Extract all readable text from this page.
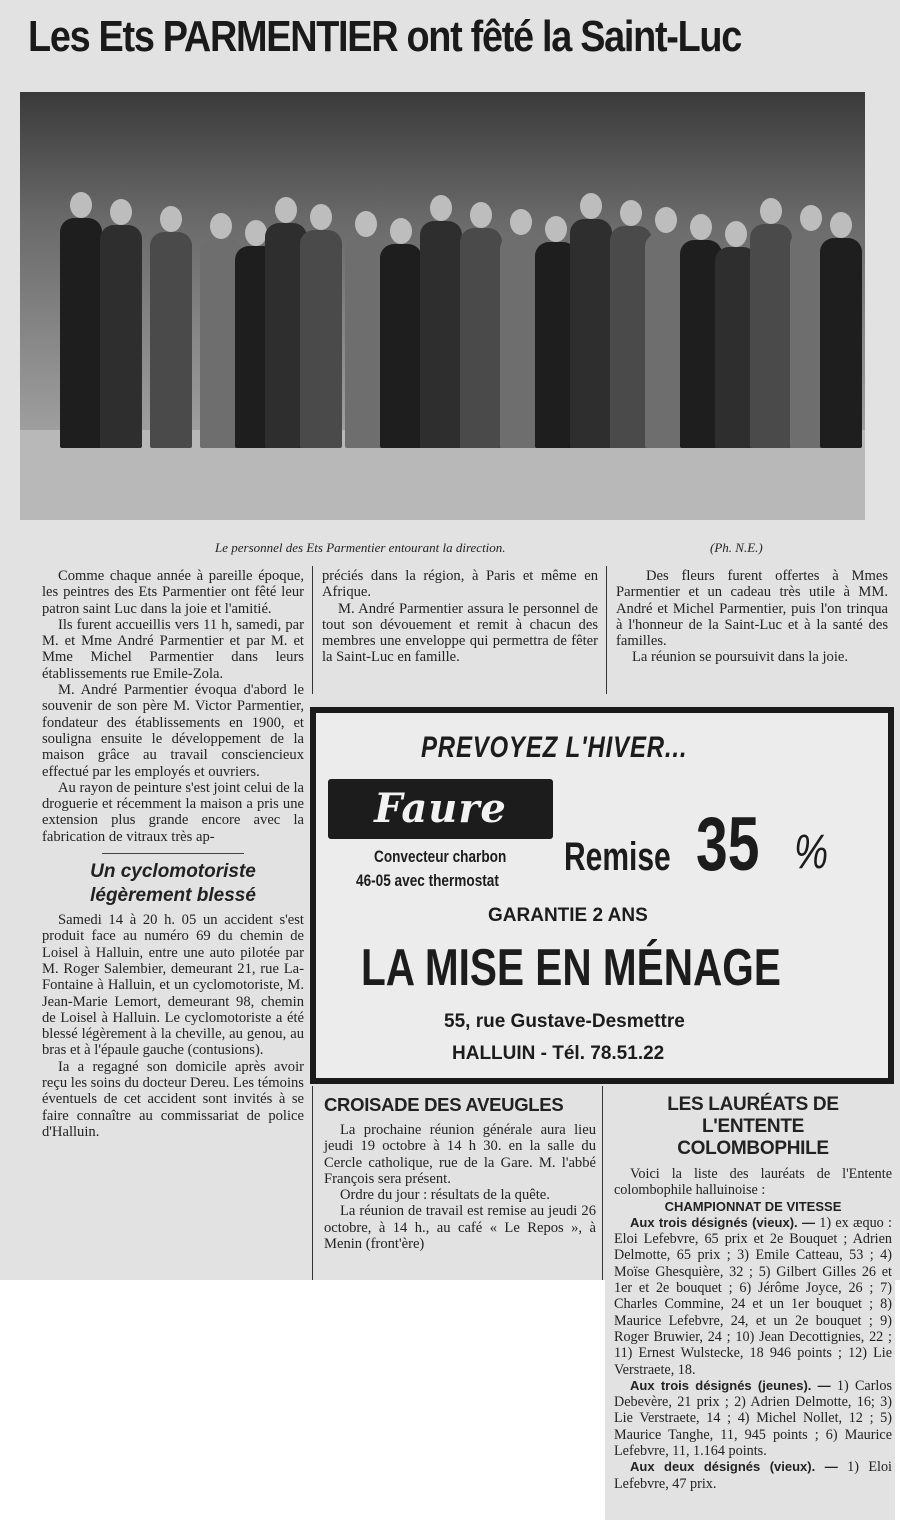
Les Ets PARMENTIER ont fêté la Saint-Luc
Le personnel des Ets Parmentier entourant la direction.	(Ph. N.E.)

Comme chaque année à pareille époque, les peintres des Ets Parmentier ont fêté leur patron saint Luc dans la joie et l'amitié.

Ils furent accueillis vers 11 h, samedi, par M. et Mme André Parmentier et par M. et Mme Michel Parmentier dans leurs établissements rue Emile-Zola.

M. André Parmentier évoqua d'abord le souvenir de son père M. Victor Parmentier, fondateur des établissements en 1900, et souligna ensuite le développement de la maison grâce au travail consciencieux effectué par les employés et ouvriers.

Au rayon de peinture s'est joint celui de la droguerie et récemment la maison a pris une extension plus grande encore avec la fabrication de vitraux très ap-

Un cyclomotoriste
légèrement blessé

Samedi 14 à 20 h. 05 un accident s'est produit face au numéro 69 du chemin de Loisel à Halluin, entre une auto pilotée par M. Roger Salembier, demeurant 21, rue La-Fontaine à Halluin, et un cyclomotoriste, M. Jean-Marie Lemort, demeurant 98, chemin de Loisel à Halluin. Le cyclomotoriste a été blessé légèrement à la cheville, au genou, au bras et à l'épaule gauche (contusions).

Ia a regagné son domicile après avoir reçu les soins du docteur Dereu. Les témoins éventuels de cet accident sont invités à se faire connaître au commissariat de police d'Halluin.

préciés dans la région, à Paris et même en Afrique.

M. André Parmentier assura le personnel de tout son dévouement et remit à chacun des membres une enveloppe qui permettra de fêter la Saint-Luc en famille.

Des fleurs furent offertes à Mmes Parmentier et un cadeau très utile à MM. André et Michel Parmentier, puis l'on trinqua à l'honneur de la Saint-Luc et à la santé des familles.

La réunion se poursuivit dans la joie.

PREVOYEZ L'HIVER...
Faure
Convecteur charbon
46-05 avec thermostat
Remise 35 %
GARANTIE 2 ANS
LA MISE EN MÉNAGE
55, rue Gustave-Desmettre
HALLUIN - Tél. 78.51.22
CROISADE DES AVEUGLES

La prochaine réunion générale aura lieu jeudi 19 octobre à 14 h 30. en la salle du Cercle catholique, rue de la Gare. M. l'abbé François sera présent.

Ordre du jour : résultats de la quête.

La réunion de travail est remise au jeudi 26 octobre, à 14 h., au café « Le Repos », à Menin (front'ère)

LES LAURÉATS DE L'ENTENTE
COLOMBOPHILE

Voici la liste des lauréats de l'Entente colombophile halluinoise :

CHAMPIONNAT DE VITESSE

Aux trois désignés (vieux). — 1) ex æquo : Eloi Lefebvre, 65 prix et 2e Bouquet ; Adrien Delmotte, 65 prix ; 3) Emile Catteau, 53 ; 4) Moïse Ghesquière, 32 ; 5) Gilbert Gilles 26 et 1er et 2e bouquet ; 6) Jérôme Joyce, 26 ; 7) Charles Commine, 24 et un 1er bouquet ; 8) Maurice Lefebvre, 24, et un 2e bouquet ; 9) Roger Bruwier, 24 ; 10) Jean Decottignies, 22 ; 11) Ernest Wulstecke, 18 946 points ; 12) Lie Verstraete, 18.

Aux trois désignés (jeunes). — 1) Carlos Debevère, 21 prix ; 2) Adrien Delmotte, 16; 3) Lie Verstraete, 14 ; 4) Michel Nollet, 12 ; 5) Maurice Tanghe, 11, 945 points ; 6) Maurice Lefebvre, 11, 1.164 points.

Aux deux désignés (vieux). — 1) Eloi Lefebvre, 47 prix.
